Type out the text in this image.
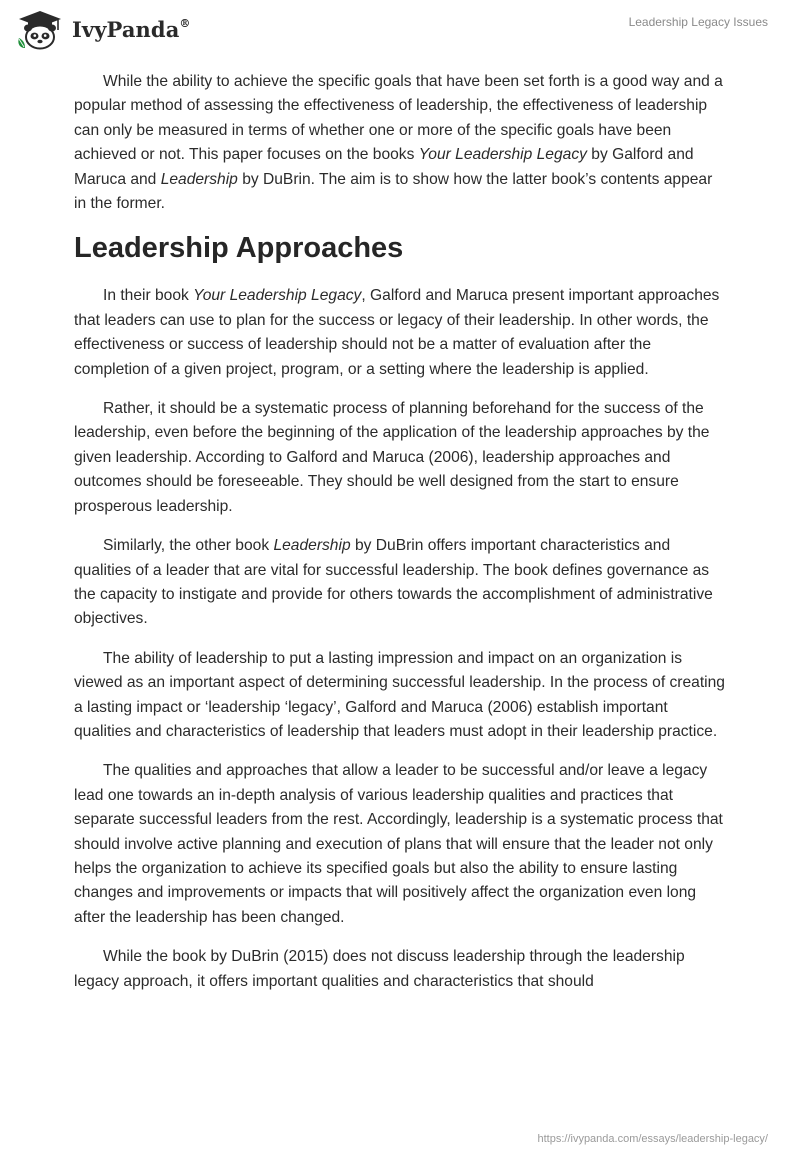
IvyPanda®	Leadership Legacy Issues

While the ability to achieve the specific goals that have been set forth is a good way and a popular method of assessing the effectiveness of leadership, the effectiveness of leadership can only be measured in terms of whether one or more of the specific goals have been achieved or not. This paper focuses on the books Your Leadership Legacy by Galford and Maruca and Leadership by DuBrin. The aim is to show how the latter book’s contents appear in the former.

Leadership Approaches

In their book Your Leadership Legacy, Galford and Maruca present important approaches that leaders can use to plan for the success or legacy of their leadership. In other words, the effectiveness or success of leadership should not be a matter of evaluation after the completion of a given project, program, or a setting where the leadership is applied.

Rather, it should be a systematic process of planning beforehand for the success of the leadership, even before the beginning of the application of the leadership approaches by the given leadership. According to Galford and Maruca (2006), leadership approaches and outcomes should be foreseeable. They should be well designed from the start to ensure prosperous leadership.

Similarly, the other book Leadership by DuBrin offers important characteristics and qualities of a leader that are vital for successful leadership. The book defines governance as the capacity to instigate and provide for others towards the accomplishment of administrative objectives.

The ability of leadership to put a lasting impression and impact on an organization is viewed as an important aspect of determining successful leadership. In the process of creating a lasting impact or ‘leadership ‘legacy’, Galford and Maruca (2006) establish important qualities and characteristics of leadership that leaders must adopt in their leadership practice.

The qualities and approaches that allow a leader to be successful and/or leave a legacy lead one towards an in-depth analysis of various leadership qualities and practices that separate successful leaders from the rest. Accordingly, leadership is a systematic process that should involve active planning and execution of plans that will ensure that the leader not only helps the organization to achieve its specified goals but also the ability to ensure lasting changes and improvements or impacts that will positively affect the organization even long after the leadership has been changed.

While the book by DuBrin (2015) does not discuss leadership through the leadership legacy approach, it offers important qualities and characteristics that should

https://ivypanda.com/essays/leadership-legacy/
